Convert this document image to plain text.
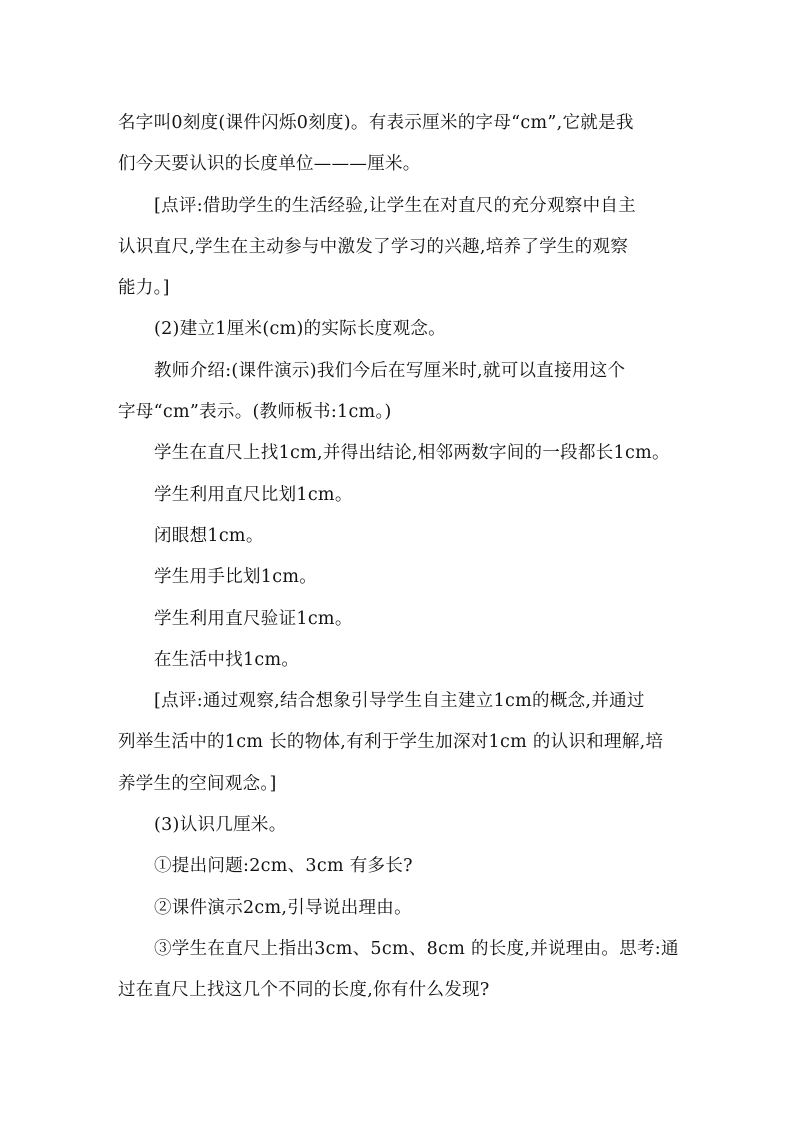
名字叫0刻度(课件闪烁0刻度)。有表示厘米的字母“cm”,它就是我
们今天要认识的长度单位———厘米。
[点评:借助学生的生活经验,让学生在对直尺的充分观察中自主
认识直尺,学生在主动参与中激发了学习的兴趣,培养了学生的观察
能力。]
(2)建立1厘米(cm)的实际长度观念。
教师介绍:(课件演示)我们今后在写厘米时,就可以直接用这个
字母“cm”表示。(教师板书:1cm。)
学生在直尺上找1cm,并得出结论,相邻两数字间的一段都长1cm。
学生利用直尺比划1cm。
闭眼想1cm。
学生用手比划1cm。
学生利用直尺验证1cm。
在生活中找1cm。
[点评:通过观察,结合想象引导学生自主建立1cm的概念,并通过
列举生活中的1cm 长的物体,有利于学生加深对1cm 的认识和理解,培
养学生的空间观念。]
(3)认识几厘米。
①提出问题:2cm、3cm 有多长?
②课件演示2cm,引导说出理由。
③学生在直尺上指出3cm、5cm、8cm 的长度,并说理由。思考:通
过在直尺上找这几个不同的长度,你有什么发现?
